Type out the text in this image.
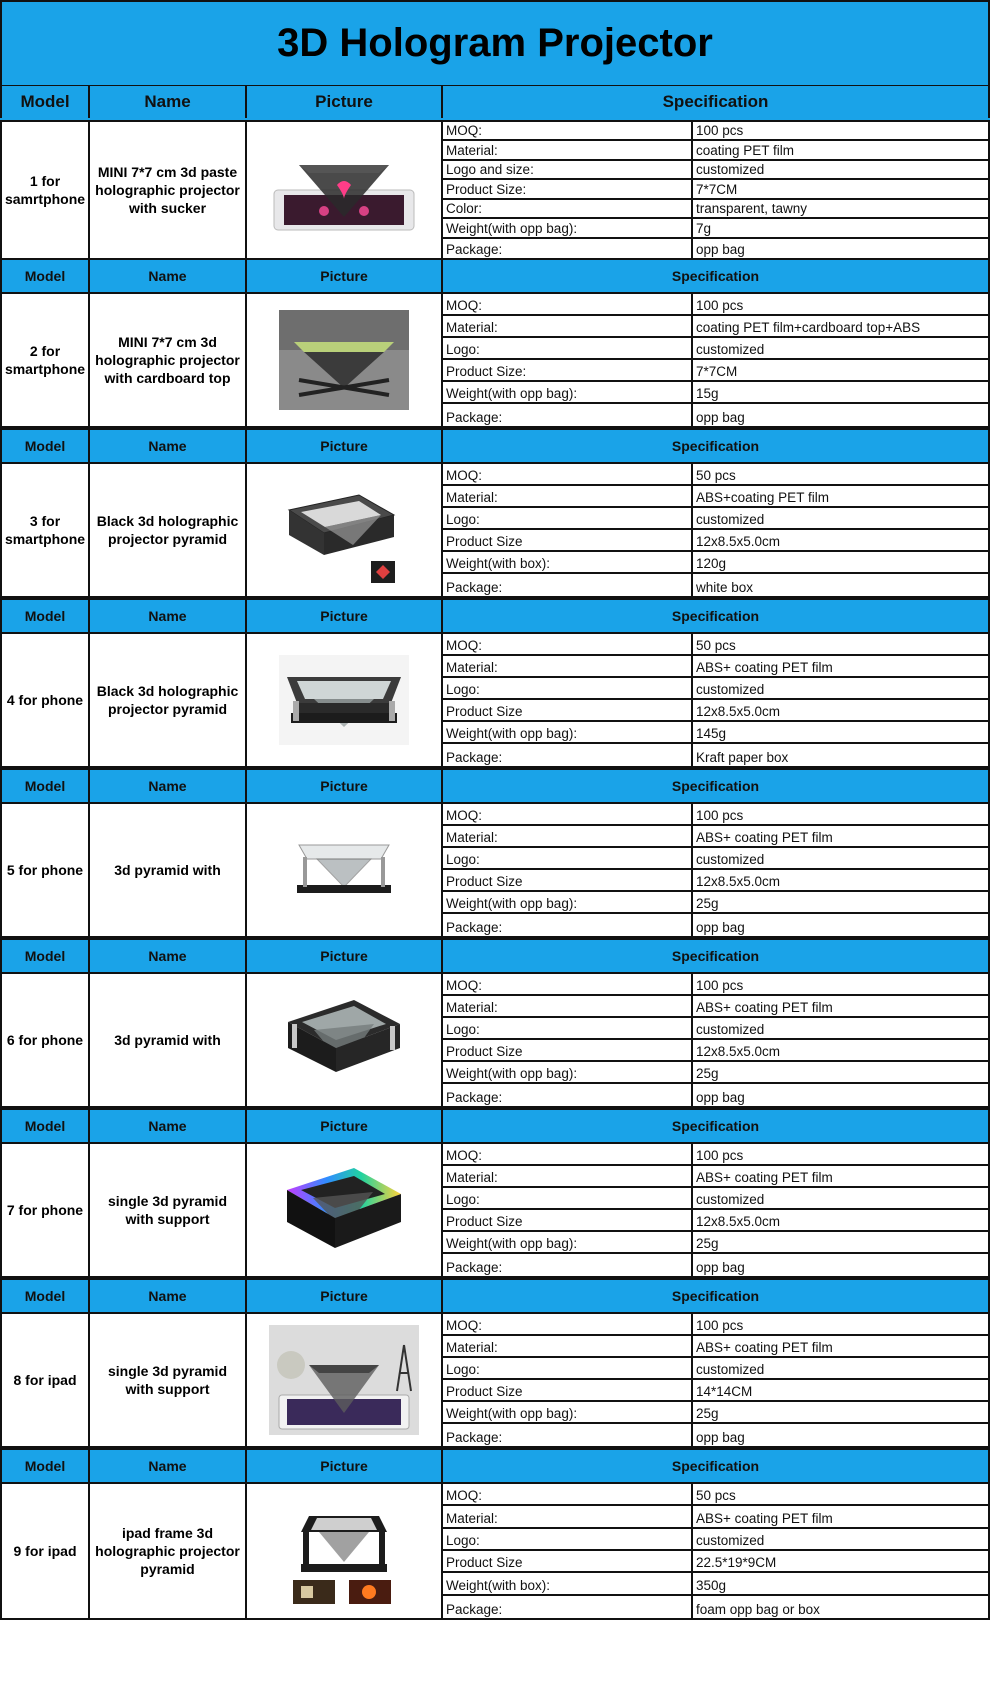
3D Hologram Projector
Model	Name	Picture	Specification
1 for samrtphone
MINI 7*7 cm 3d paste holographic projector with sucker
MOQ:	100 pcs
Material:	coating PET film
Logo and size:	customized
Product Size:	7*7CM
Color:	transparent, tawny
Weight(with opp bag):	7g
Package:	opp bag
Model	Name	Picture	Specification
2 for smartphone
MINI 7*7 cm 3d holographic projector with cardboard top
MOQ:	100 pcs
Material:	coating PET film+cardboard top+ABS
Logo:	customized
Product Size:	7*7CM
Weight(with opp bag):	15g
Package:	opp bag
Model	Name	Picture	Specification
3 for smartphone
Black 3d holographic projector pyramid
MOQ:	50 pcs
Material:	ABS+coating PET film
Logo:	customized
Product Size	12x8.5x5.0cm
Weight(with box):	120g
Package:	white box
Model	Name	Picture	Specification
4 for phone
Black 3d holographic projector pyramid
MOQ:	50 pcs
Material:	ABS+ coating PET film
Logo:	customized
Product Size	12x8.5x5.0cm
Weight(with opp bag):	145g
Package:	Kraft paper box
Model	Name	Picture	Specification
5 for phone	3d pyramid with
MOQ:	100 pcs
Material:	ABS+ coating PET film
Logo:	customized
Product Size	12x8.5x5.0cm
Weight(with opp bag):	25g
Package:	opp bag
Model	Name	Picture	Specification
6 for phone	3d pyramid with
MOQ:	100 pcs
Material:	ABS+ coating PET film
Logo:	customized
Product Size	12x8.5x5.0cm
Weight(with opp bag):	25g
Package:	opp bag
Model	Name	Picture	Specification
7 for phone
single 3d pyramid with support
MOQ:	100 pcs
Material:	ABS+ coating PET film
Logo:	customized
Product Size	12x8.5x5.0cm
Weight(with opp bag):	25g
Package:	opp bag
Model	Name	Picture	Specification
8 for ipad
single 3d pyramid with support
MOQ:	100 pcs
Material:	ABS+ coating PET film
Logo:	customized
Product Size	14*14CM
Weight(with opp bag):	25g
Package:	opp bag
Model	Name	Picture	Specification
9 for ipad
ipad frame 3d holographic projector pyramid
MOQ:	50 pcs
Material:	ABS+ coating PET film
Logo:	customized
Product Size	22.5*19*9CM
Weight(with box):	350g
Package:	foam opp bag or box
